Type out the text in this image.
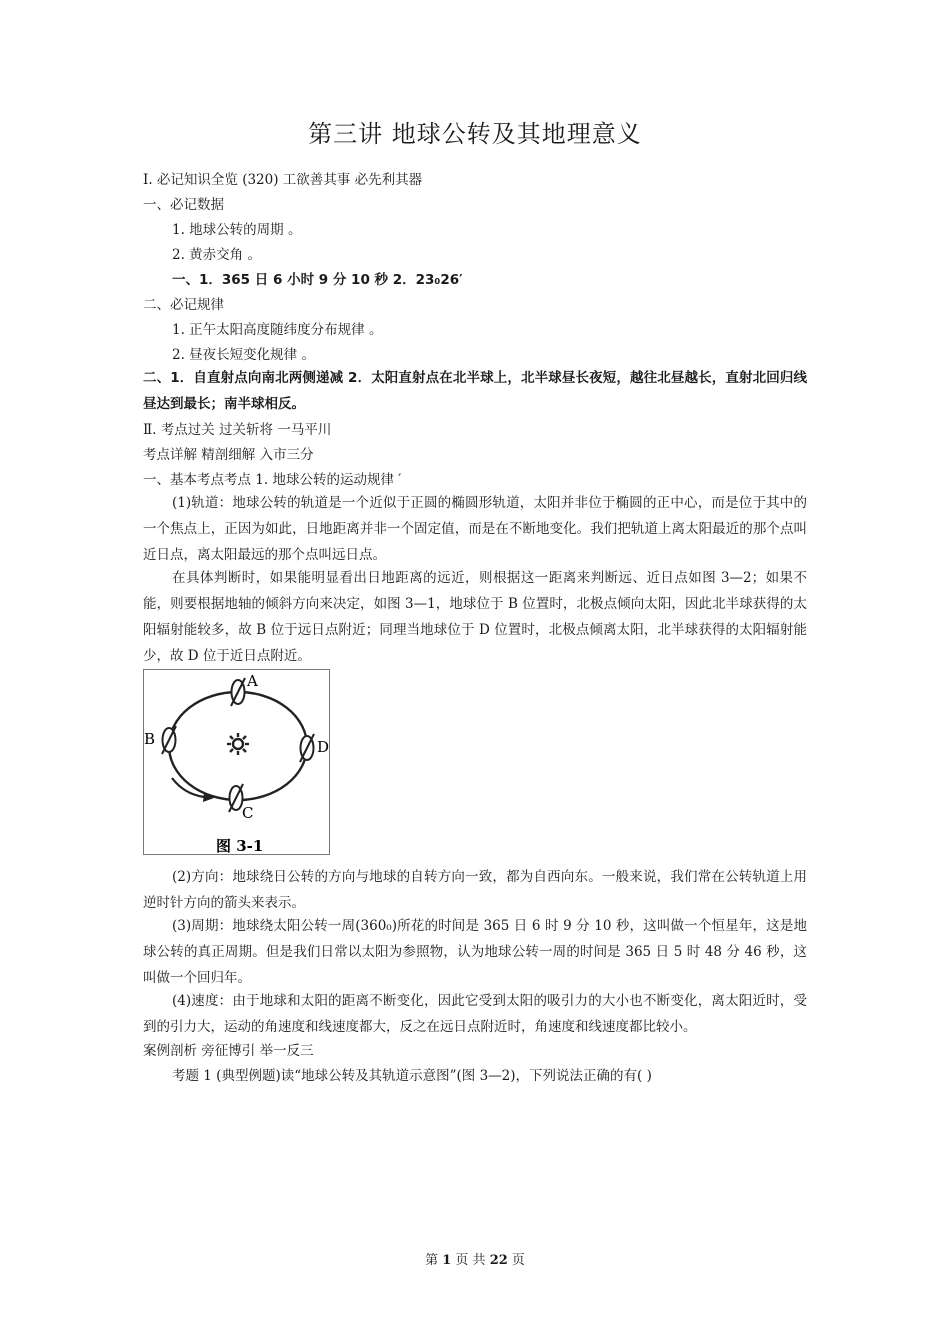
第三讲 地球公转及其地理意义
Ⅰ. 必记知识全览 (320) 工欲善其事 必先利其器
一、必记数据
1. 地球公转的周期 。
2. 黄赤交角 。
一、1．365 日 6 小时 9 分 10 秒 2．23₀26′
二、必记规律
1. 正午太阳高度随纬度分布规律 。
2. 昼夜长短变化规律 。
二、1．自直射点向南北两侧递减 2．太阳直射点在北半球上，北半球昼长夜短，越往北昼越长，直射北回归线昼达到最长；南半球相反。
Ⅱ. 考点过关 过关斩将 一马平川
考点详解 精剖细解 入市三分
一、基本考点考点 1. 地球公转的运动规律 ′
(1)轨道：地球公转的轨道是一个近似于正圆的椭圆形轨道，太阳并非位于椭圆的正中心，而是位于其中的一个焦点上，正因为如此，日地距离并非一个固定值，而是在不断地变化。我们把轨道上离太阳最近的那个点叫近日点，离太阳最远的那个点叫远日点。
在具体判断时，如果能明显看出日地距离的远近，则根据这一距离来判断远、近日点如图 3—2；如果不能，则要根据地轴的倾斜方向来决定，如图 3—1，地球位于 B 位置时，北极点倾向太阳，因此北半球获得的太阳辐射能较多，故 B 位于远日点附近；同理当地球位于 D 位置时，北极点倾离太阳，北半球获得的太阳辐射能少，故 D 位于近日点附近。
A
B	D
C
图 3-1
(2)方向：地球绕日公转的方向与地球的自转方向一致，都为自西向东。一般来说，我们常在公转轨道上用逆时针方向的箭头来表示。
(3)周期：地球绕太阳公转一周(360₀)所花的时间是 365 日 6 时 9 分 10 秒，这叫做一个恒星年，这是地球公转的真正周期。但是我们日常以太阳为参照物，认为地球公转一周的时间是 365 日 5 时 48 分 46 秒，这叫做一个回归年。
(4)速度：由于地球和太阳的距离不断变化，因此它受到太阳的吸引力的大小也不断变化，离太阳近时，受到的引力大，运动的角速度和线速度都大，反之在远日点附近时，角速度和线速度都比较小。
案例剖析 旁征博引 举一反三
考题 1 (典型例题)读“地球公转及其轨道示意图”(图 3—2)，下列说法正确的有( )
第 1 页 共 22 页
